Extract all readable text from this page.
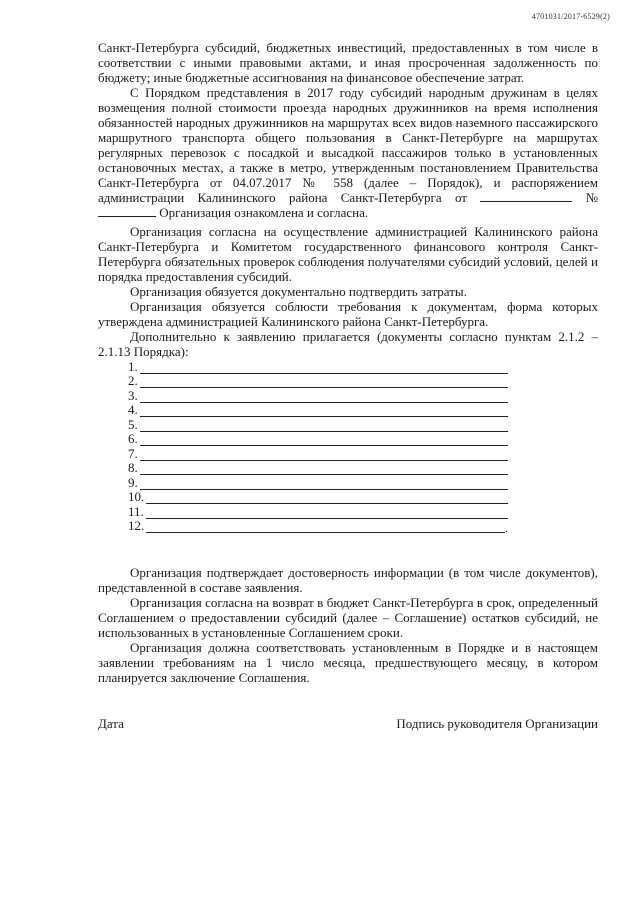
4701031/2017-6529(2)

Санкт-Петербурга субсидий, бюджетных инвестиций, предоставленных в том числе в соответствии с иными правовыми актами, и иная просроченная задолженность по бюджету; иные бюджетные ассигнования на финансовое обеспечение затрат.

С Порядком представления в 2017 году субсидий народным дружинам в целях возмещения полной стоимости проезда народных дружинников на время исполнения обязанностей народных дружинников на маршрутах всех видов наземного пассажирского маршрутного транспорта общего пользования в Санкт-Петербурге на маршрутах регулярных перевозок с посадкой и высадкой пассажиров только в установленных остановочных местах, а также в метро, утвержденным постановлением Правительства Санкт-Петербурга от 04.07.2017 № 558 (далее – Порядок), и распоряжением администрации Калининского района Санкт-Петербурга от	№  Организация ознакомлена и согласна.

Организация согласна на осуществление администрацией Калининского района Санкт-Петербурга и Комитетом государственного финансового контроля Санкт-Петербурга обязательных проверок соблюдения получателями субсидий условий, целей и порядка предоставления субсидий.

Организация обязуется документально подтвердить затраты.

Организация обязуется соблюсти требования к документам, форма которых утверждена администрацией Калининского района Санкт-Петербурга.

Дополнительно к заявлению прилагается (документы согласно пунктам 2.1.2 – 2.1.13 Порядка):

1.
2.
3.
4.
5.
6.
7.
8.
9.
10.
11.
12.	.

Организация подтверждает достоверность информации (в том числе документов), представленной в составе заявления.

Организация согласна на возврат в бюджет Санкт-Петербурга в срок, определенный Соглашением о предоставлении субсидий (далее – Соглашение) остатков субсидий, не использованных в установленные Соглашением сроки.

Организация должна соответствовать установленным в Порядке и в настоящем заявлении требованиям на 1 число месяца, предшествующего месяцу, в котором планируется заключение Соглашения.

Дата	Подпись руководителя Организации
